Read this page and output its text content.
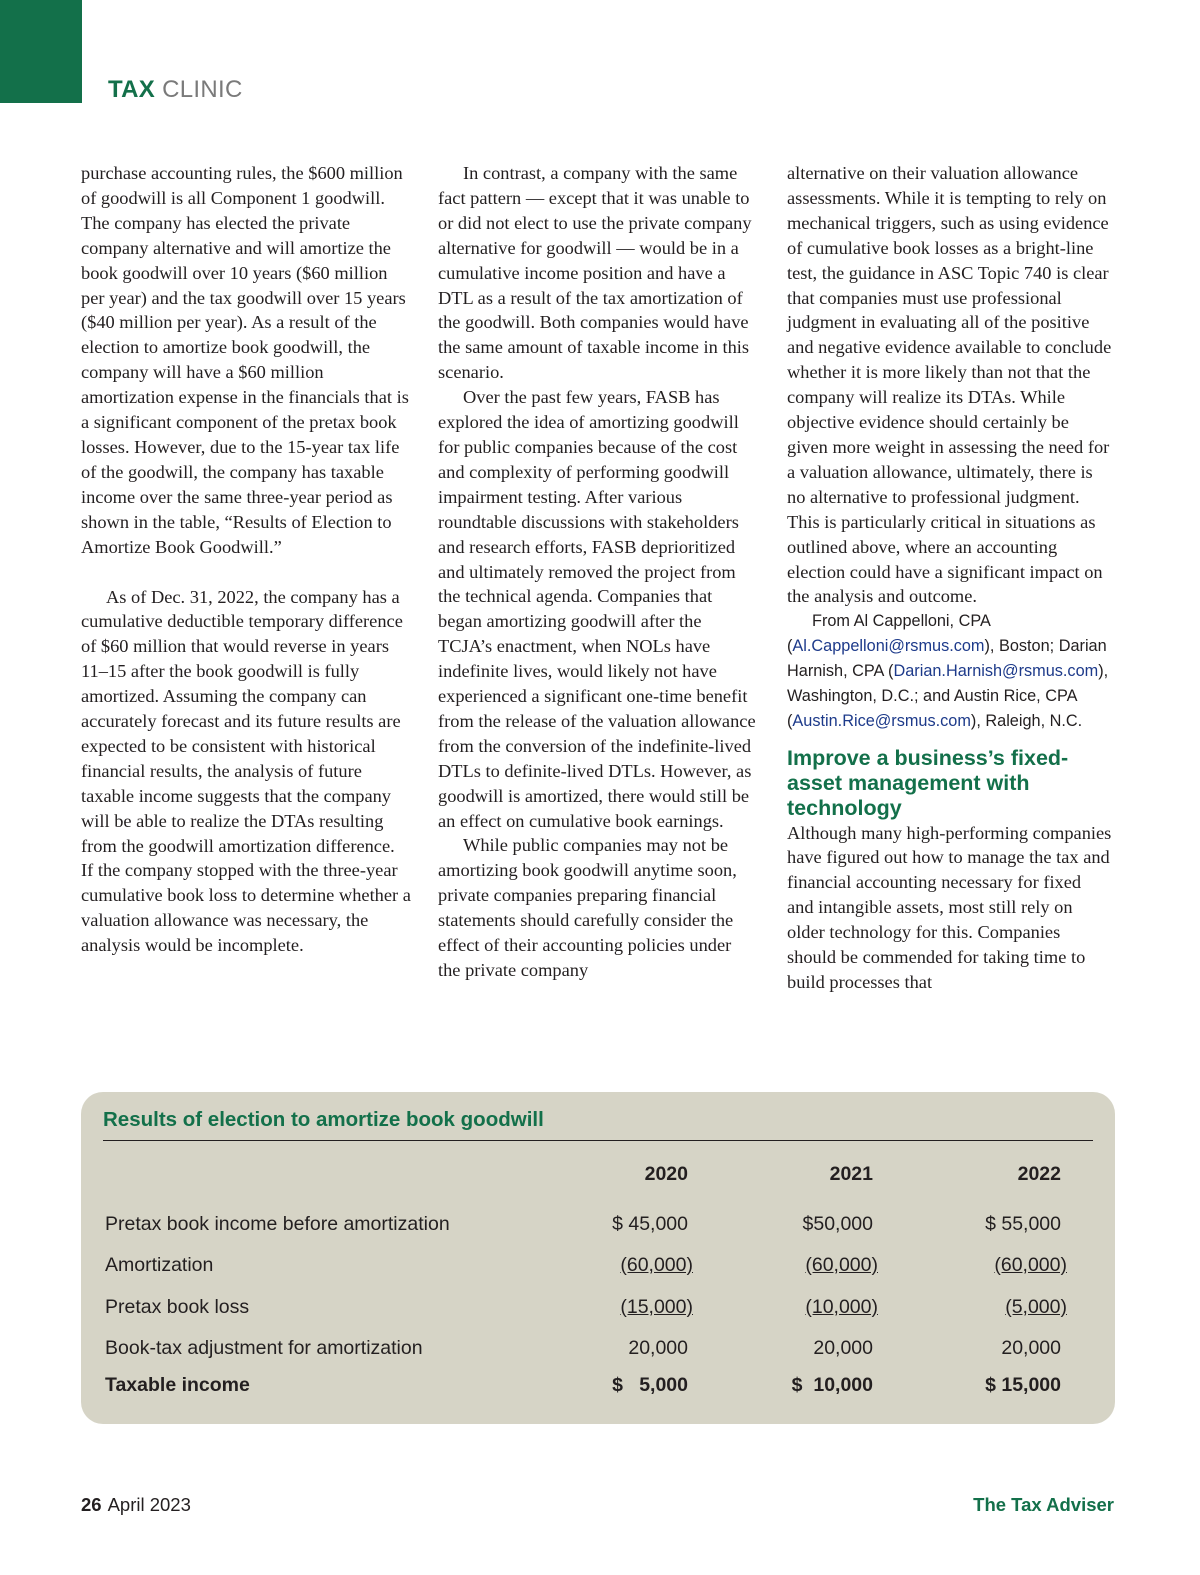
TAX CLINIC

purchase accounting rules, the $600 million of goodwill is all Component 1 goodwill. The company has elected the private company alternative and will amortize the book goodwill over 10 years ($60 million per year) and the tax goodwill over 15 years ($40 million per year). As a result of the election to amortize book goodwill, the company will have a $60 million amortization expense in the financials that is a significant component of the pretax book losses. However, due to the 15-year tax life of the goodwill, the company has taxable income over the same three-year period as shown in the table, “Results of Election to Amortize Book Goodwill.”

As of Dec. 31, 2022, the company has a cumulative deductible temporary difference of $60 million that would reverse in years 11–15 after the book goodwill is fully amortized. Assuming the company can accurately forecast and its future results are expected to be consistent with historical financial results, the analysis of future taxable income suggests that the company will be able to realize the DTAs resulting from the goodwill amortization difference. If the company stopped with the three-year cumulative book loss to determine whether a valuation allowance was necessary, the analysis would be incomplete.

In contrast, a company with the same fact pattern — except that it was unable to or did not elect to use the private company alternative for goodwill — would be in a cumulative income position and have a DTL as a result of the tax amortization of the goodwill. Both companies would have the same amount of taxable income in this scenario.

Over the past few years, FASB has explored the idea of amortizing goodwill for public companies because of the cost and complexity of performing goodwill impairment testing. After various roundtable discussions with stakeholders and research efforts, FASB deprioritized and ultimately removed the project from the technical agenda. Companies that began amortizing goodwill after the TCJA’s enactment, when NOLs have indefinite lives, would likely not have experienced a significant one-time benefit from the release of the valuation allowance from the conversion of the indefinite-lived DTLs to definite-lived DTLs. However, as goodwill is amortized, there would still be an effect on cumulative book earnings.

While public companies may not be amortizing book goodwill anytime soon, private companies preparing financial statements should carefully consider the effect of their accounting policies under the private company

alternative on their valuation allowance assessments. While it is tempting to rely on mechanical triggers, such as using evidence of cumulative book losses as a bright-line test, the guidance in ASC Topic 740 is clear that companies must use professional judgment in evaluating all of the positive and negative evidence available to conclude whether it is more likely than not that the company will realize its DTAs. While objective evidence should certainly be given more weight in assessing the need for a valuation allowance, ultimately, there is no alternative to professional judgment. This is particularly critical in situations as outlined above, where an accounting election could have a significant impact on the analysis and outcome.

From Al Cappelloni, CPA (Al.Cappelloni@rsmus.com), Boston; Darian Harnish, CPA (Darian.Harnish@rsmus.com), Washington, D.C.; and Austin Rice, CPA (Austin.Rice@rsmus.com), Raleigh, N.C.

Improve a business’s fixed-asset management with technology

Although many high-performing companies have figured out how to manage the tax and financial accounting necessary for fixed and intangible assets, most still rely on older technology for this. Companies should be commended for taking time to build processes that

Results of election to amortize book goodwill
2020	2021	2022
Pretax book income before amortization	$ 45,000	$50,000	$ 55,000
Amortization	(60,000)	(60,000)	(60,000)
Pretax book loss	(15,000)	(10,000)	(5,000)
Book-tax adjustment for amortization	20,000	20,000	20,000
Taxable income	$   5,000	$  10,000	$ 15,000
26 April 2023	The Tax Adviser
